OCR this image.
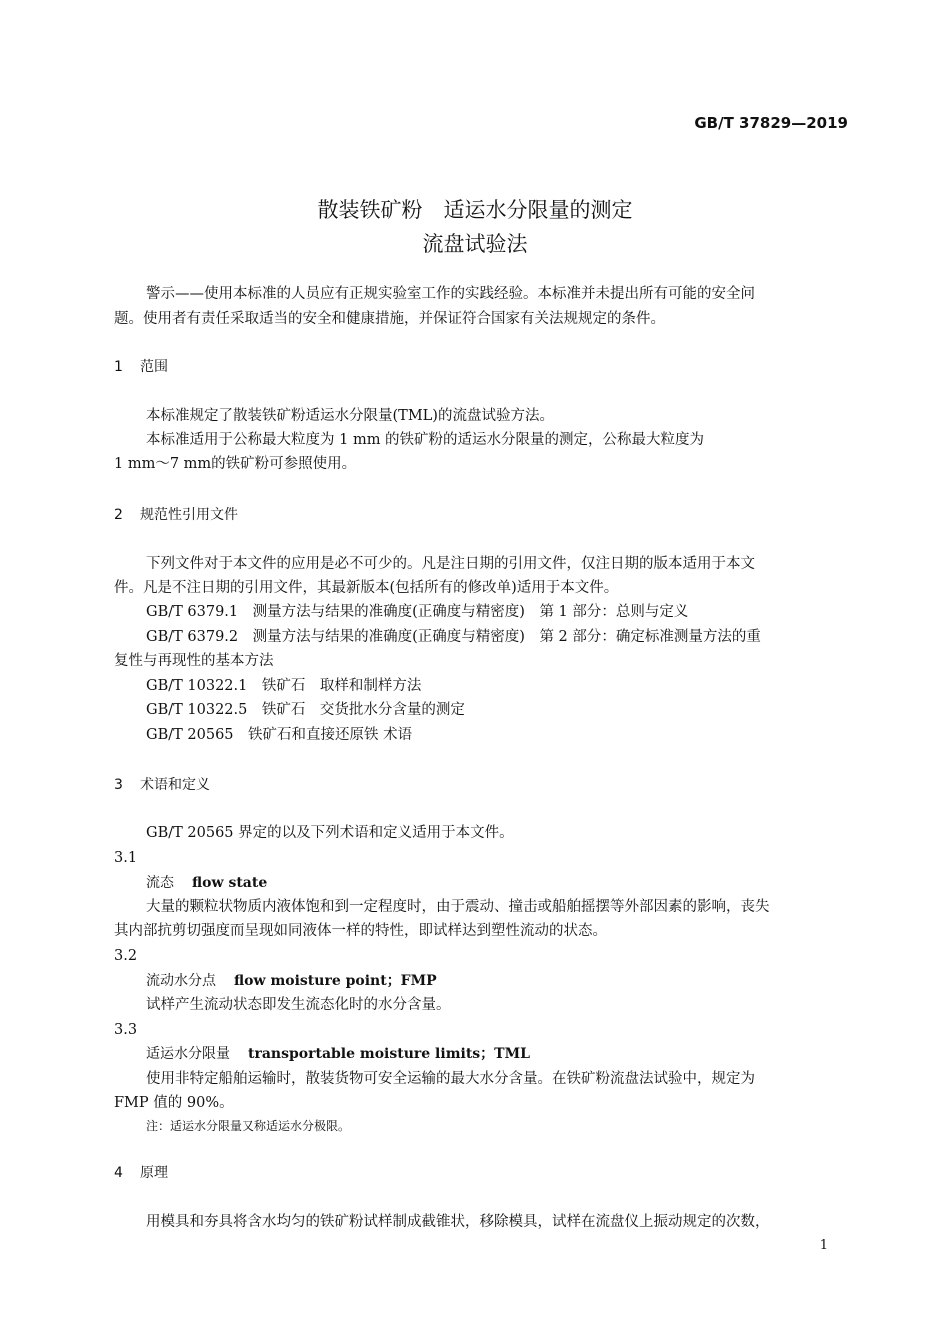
GB/T 37829—2019
散装铁矿粉　适运水分限量的测定
流盘试验法
警示——使用本标准的人员应有正规实验室工作的实践经验。本标准并未提出所有可能的安全问
题。使用者有责任采取适当的安全和健康措施，并保证符合国家有关法规规定的条件。
1 范围
本标准规定了散装铁矿粉适运水分限量(TML)的流盘试验方法。
本标准适用于公称最大粒度为 1 mm 的铁矿粉的适运水分限量的测定，公称最大粒度为
1 mm～7 mm的铁矿粉可参照使用。
2 规范性引用文件
下列文件对于本文件的应用是必不可少的。凡是注日期的引用文件，仅注日期的版本适用于本文
件。凡是不注日期的引用文件，其最新版本(包括所有的修改单)适用于本文件。
GB/T 6379.1　测量方法与结果的准确度(正确度与精密度)　第 1 部分：总则与定义
GB/T 6379.2　测量方法与结果的准确度(正确度与精密度)　第 2 部分：确定标准测量方法的重
复性与再现性的基本方法
GB/T 10322.1　铁矿石　取样和制样方法
GB/T 10322.5　铁矿石　交货批水分含量的测定
GB/T 20565　铁矿石和直接还原铁 术语
3 术语和定义
GB/T 20565 界定的以及下列术语和定义适用于本文件。
3.1
流态 flow state
大量的颗粒状物质内液体饱和到一定程度时，由于震动、撞击或船舶摇摆等外部因素的影响，丧失
其内部抗剪切强度而呈现如同液体一样的特性，即试样达到塑性流动的状态。
3.2
流动水分点 flow moisture point；FMP
试样产生流动状态即发生流态化时的水分含量。
3.3
适运水分限量 transportable moisture limits；TML
使用非特定船舶运输时，散装货物可安全运输的最大水分含量。在铁矿粉流盘法试验中，规定为
FMP 值的 90%。
注：适运水分限量又称适运水分极限。
4 原理
用模具和夯具将含水均匀的铁矿粉试样制成截锥状，移除模具，试样在流盘仪上振动规定的次数，
1
